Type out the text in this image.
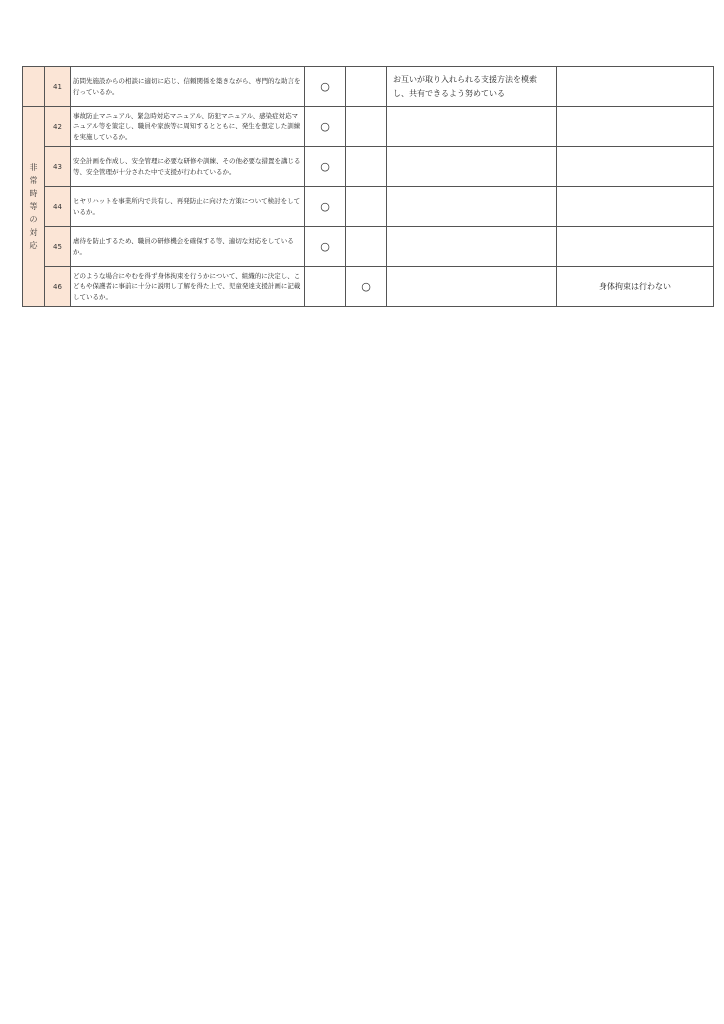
	41	訪問先施設からの相談に適切に応じ、信頼関係を築きながら、専門的な助言を行っているか。	○		お互いが取り入れられる支援方法を模索し、共有できるよう努めている	

非常時等の対応	42	事故防止マニュアル、緊急時対応マニュアル、防犯マニュアル、感染症対応マニュアル等を策定し、職員や家族等に周知するとともに、発生を想定した訓練を実施しているか。	○			
	43	安全計画を作成し、安全管理に必要な研修や訓練、その他必要な措置を講じる等、安全管理が十分された中で支援が行われているか。	○			
	44	ヒヤリハットを事業所内で共有し、再発防止に向けた方策について検討をしているか。	○			
	45	虐待を防止するため、職員の研修機会を確保する等、適切な対応をしているか。	○			
	46	どのような場合にやむを得ず身体拘束を行うかについて、組織的に決定し、こどもや保護者に事前に十分に説明し了解を得た上で、児童発達支援計画に記載しているか。		○		身体拘束は行わない
